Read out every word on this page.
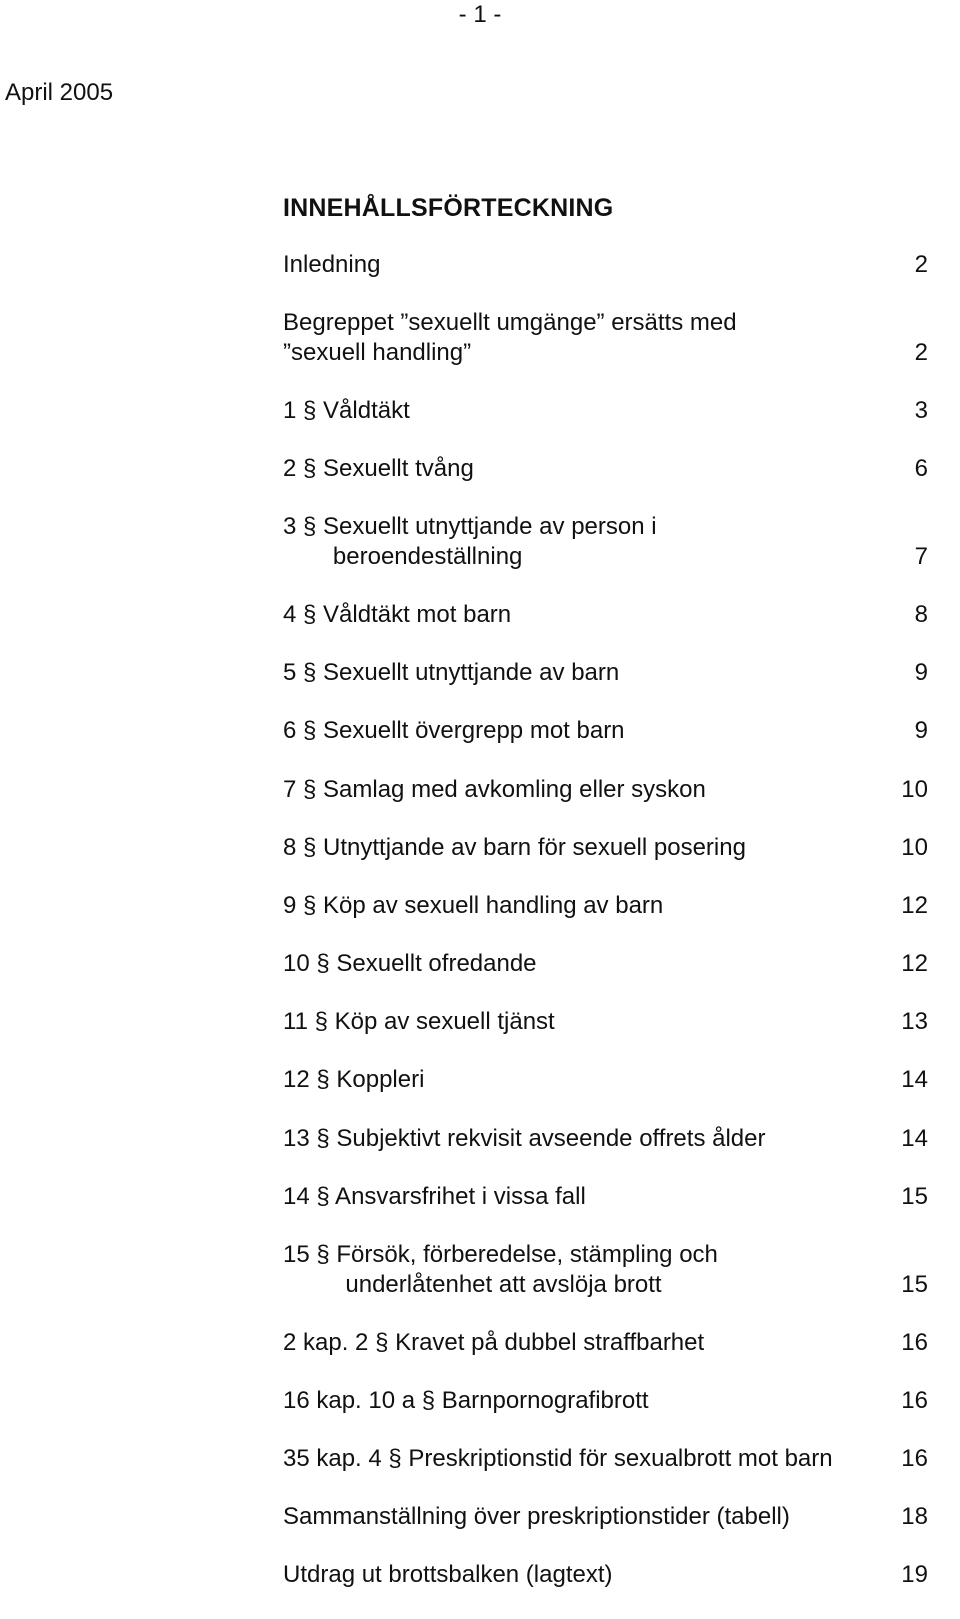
- 1 -
April 2005
INNEHÅLLSFÖRTECKNING
Inledning	2
Begreppet ”sexuellt umgänge” ersätts med
”sexuell handling”	2
1 § Våldtäkt	3
2 § Sexuellt tvång	6
3 § Sexuellt utnyttjande av person i
beroendeställning	7
4 § Våldtäkt mot barn	8
5 § Sexuellt utnyttjande av barn	9
6 § Sexuellt övergrepp mot barn	9
7 § Samlag med avkomling eller syskon	10
8 § Utnyttjande av barn för sexuell posering	10
9 § Köp av sexuell handling av barn	12
10 § Sexuellt ofredande	12
11 § Köp av sexuell tjänst	13
12 § Koppleri	14
13 § Subjektivt rekvisit avseende offrets ålder	14
14 § Ansvarsfrihet i vissa fall	15
15 § Försök, förberedelse, stämpling och
underlåtenhet att avslöja brott	15
2 kap. 2 § Kravet på dubbel straffbarhet	16
16 kap. 10 a § Barnpornografibrott	16
35 kap. 4 § Preskriptionstid för sexualbrott mot barn	16
Sammanställning över preskriptionstider (tabell)	18
Utdrag ut brottsbalken (lagtext)	19
